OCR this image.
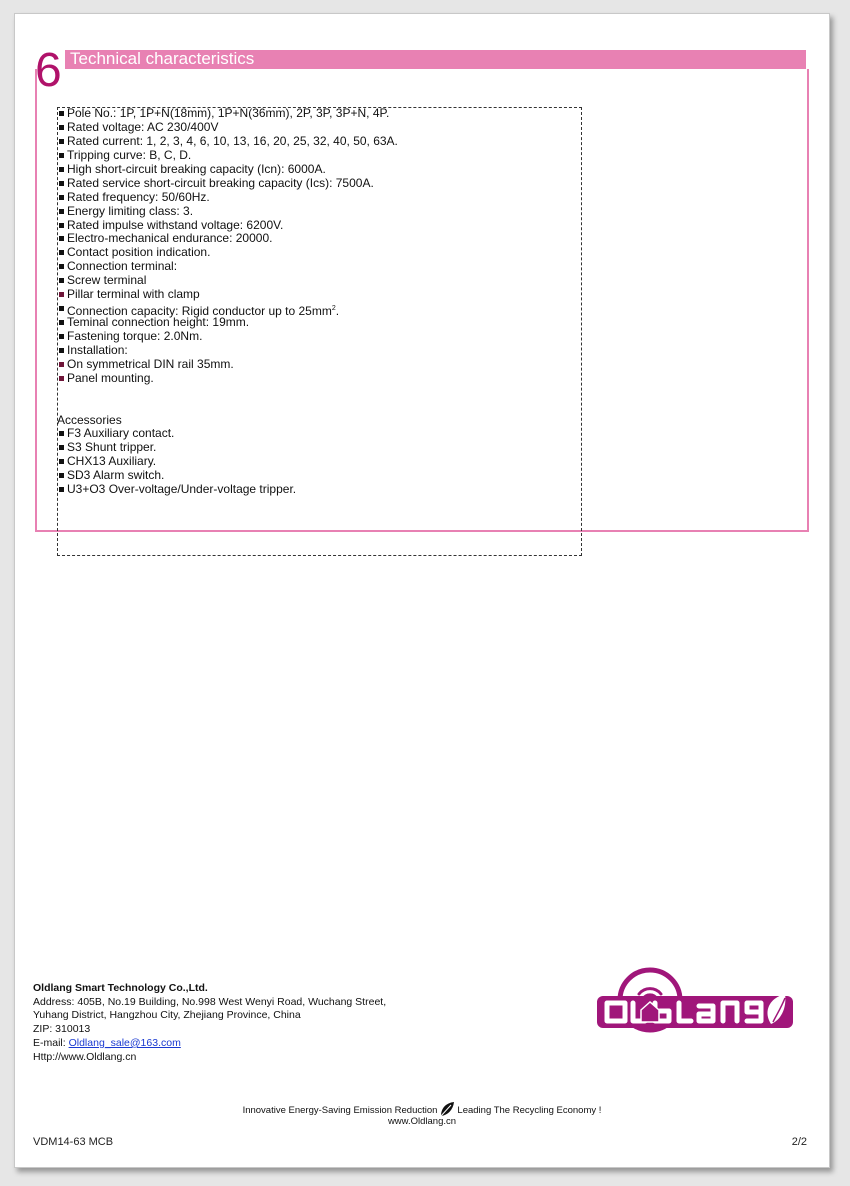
6 Technical characteristics
Pole No.: 1P, 1P+N(18mm), 1P+N(36mm), 2P, 3P, 3P+N, 4P.
Rated voltage: AC 230/400V
Rated current: 1, 2, 3, 4, 6, 10, 13, 16, 20, 25, 32, 40, 50, 63A.
Tripping curve: B, C, D.
High short-circuit breaking capacity (Icn): 6000A.
Rated service short-circuit breaking capacity (Ics): 7500A.
Rated frequency: 50/60Hz.
Energy limiting class: 3.
Rated impulse withstand voltage: 6200V.
Electro-mechanical endurance: 20000.
Contact position indication.
Connection terminal:
Screw terminal
Pillar terminal with clamp
Connection capacity: Rigid conductor up to $25mm^2$.
Teminal connection height: 19mm.
Fastening torque: 2.0Nm.
Installation:
On symmetrical DIN rail 35mm.
Panel mounting.
Accessories
F3 Auxiliary contact.
S3 Shunt tripper.
CHX13 Auxiliary.
SD3 Alarm switch.
U3+O3 Over-voltage/Under-voltage tripper.
Oldlang Smart Technology Co.,Ltd.
Address: 405B, No.19 Building, No.998 West Wenyi Road, Wuchang Street,
Yuhang District, Hangzhou City, Zhejiang Province, China
ZIP: 310013
E-mail: Oldlang_sale@163.com
Http://www.Oldlang.cn
Innovative Energy-Saving Emission Reduction Leading The Recycling Economy !
www.Oldlang.cn
VDM14-63 MCB	2/2
